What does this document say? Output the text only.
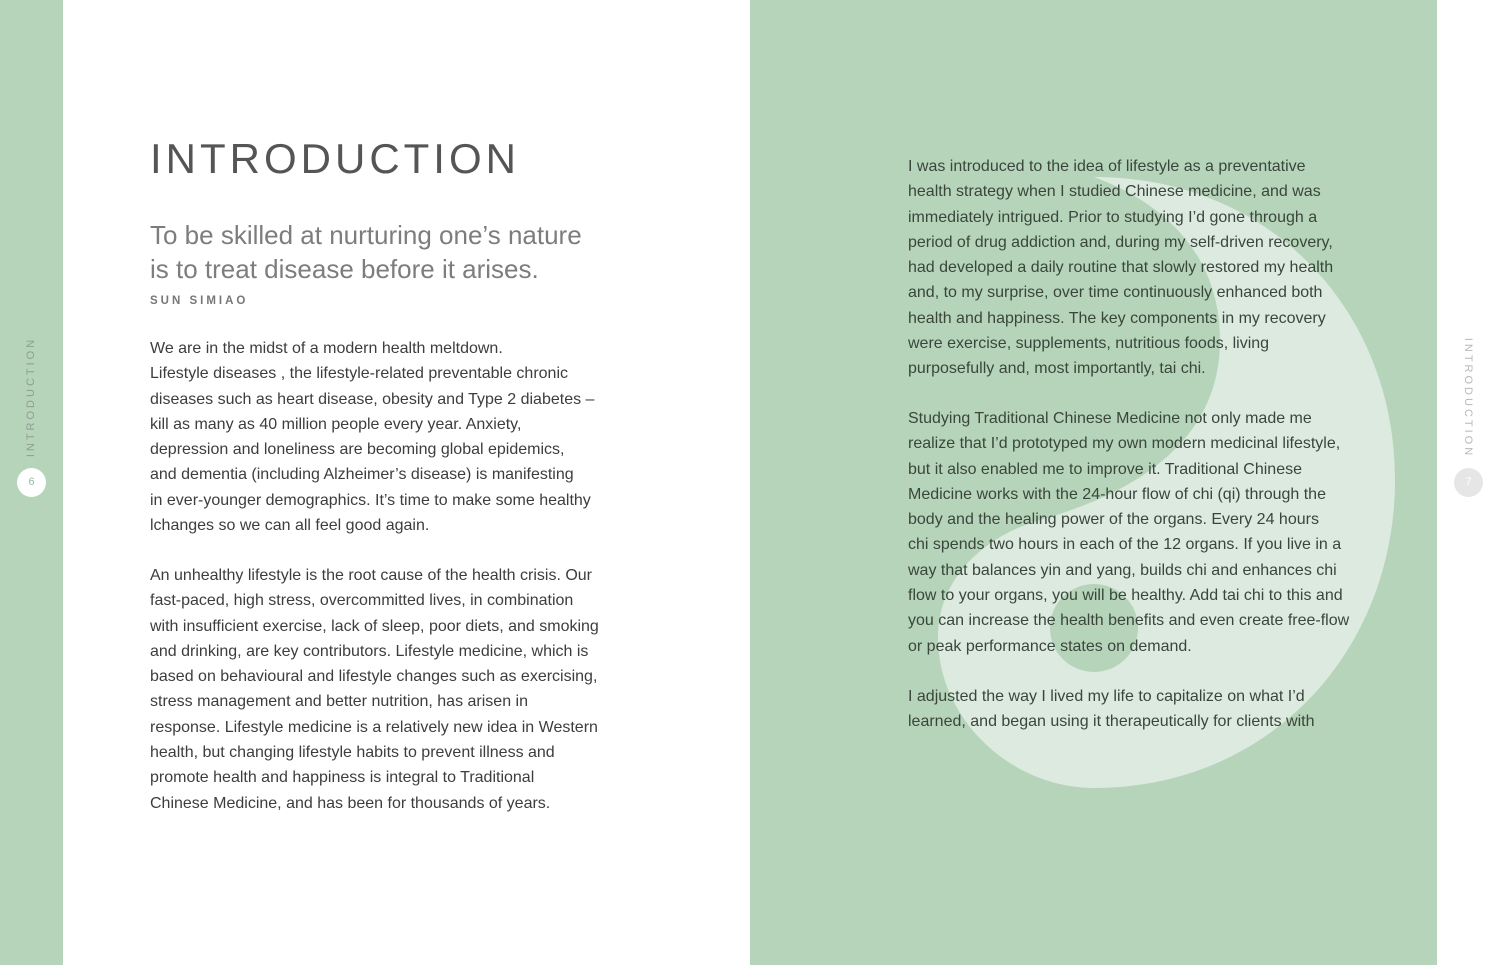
INTRODUCTION	INTRODUCTION
6	7
INTRODUCTION
To be skilled at nurturing one’s nature
is to treat disease before it arises.
SUN SIMIAO
We are in the midst of a modern health meltdown.
Lifestyle diseases , the lifestyle-related preventable chronic
diseases such as heart disease, obesity and Type 2 diabetes –
kill as many as 40 million people every year. Anxiety,
depression and loneliness are becoming global epidemics,
and dementia (including Alzheimer’s disease) is manifesting
in ever-younger demographics. It’s time to make some healthy
lchanges so we can all feel good again.
An unhealthy lifestyle is the root cause of the health crisis. Our
fast-paced, high stress, overcommitted lives, in combination
with insufficient exercise, lack of sleep, poor diets, and smoking
and drinking, are key contributors. Lifestyle medicine, which is
based on behavioural and lifestyle changes such as exercising,
stress management and better nutrition, has arisen in
response. Lifestyle medicine is a relatively new idea in Western
health, but changing lifestyle habits to prevent illness and
promote health and happiness is integral to Traditional
Chinese Medicine, and has been for thousands of years.
I was introduced to the idea of lifestyle as a preventative
health strategy when I studied Chinese medicine, and was
immediately intrigued. Prior to studying I’d gone through a
period of drug addiction and, during my self-driven recovery,
had developed a daily routine that slowly restored my health
and, to my surprise, over time continuously enhanced both
health and happiness. The key components in my recovery
were exercise, supplements, nutritious foods, living
purposefully and, most importantly, tai chi.
Studying Traditional Chinese Medicine not only made me
realize that I’d prototyped my own modern medicinal lifestyle,
but it also enabled me to improve it. Traditional Chinese
Medicine works with the 24-hour flow of chi (qi) through the
body and the healing power of the organs. Every 24 hours
chi spends two hours in each of the 12 organs. If you live in a
way that balances yin and yang, builds chi and enhances chi
flow to your organs, you will be healthy. Add tai chi to this and
you can increase the health benefits and even create free-flow
or peak performance states on demand.
I adjusted the way I lived my life to capitalize on what I’d
learned, and began using it therapeutically for clients with
